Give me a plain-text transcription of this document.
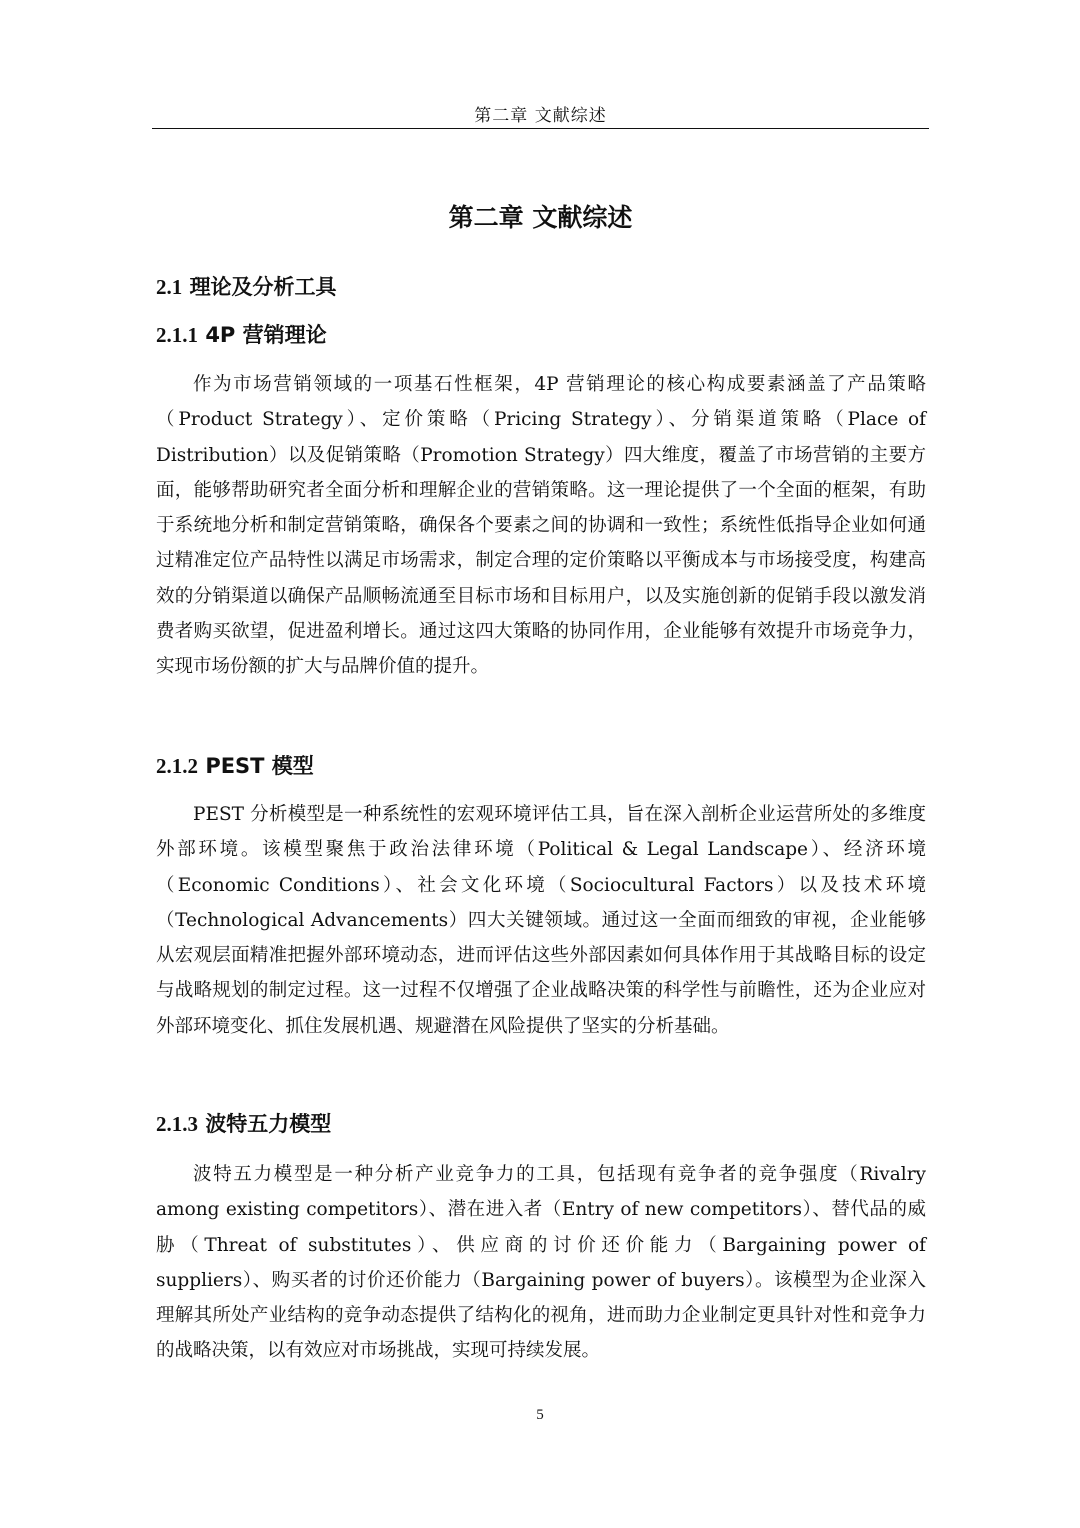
第二章 文献综述
第二章 文献综述
2.1 理论及分析工具
2.1.1 4P 营销理论

作为市场营销领域的一项基石性框架，4P 营销理论的核心构成要素涵盖了产品策略（Product Strategy）、定价策略（Pricing Strategy）、分销渠道策略（Place of Distribution）以及促销策略（Promotion Strategy）四大维度，覆盖了市场营销的主要方面，能够帮助研究者全面分析和理解企业的营销策略。这一理论提供了一个全面的框架，有助于系统地分析和制定营销策略，确保各个要素之间的协调和一致性；系统性低指导企业如何通过精准定位产品特性以满足市场需求，制定合理的定价策略以平衡成本与市场接受度，构建高效的分销渠道以确保产品顺畅流通至目标市场和目标用户，以及实施创新的促销手段以激发消费者购买欲望，促进盈利增长。通过这四大策略的协同作用，企业能够有效提升市场竞争力，实现市场份额的扩大与品牌价值的提升。

2.1.2 PEST 模型

PEST 分析模型是一种系统性的宏观环境评估工具，旨在深入剖析企业运营所处的多维度外部环境。该模型聚焦于政治法律环境（Political & Legal Landscape）、经济环境（Economic Conditions）、社会文化环境（Sociocultural Factors）以及技术环境（Technological Advancements）四大关键领域。通过这一全面而细致的审视，企业能够从宏观层面精准把握外部环境动态，进而评估这些外部因素如何具体作用于其战略目标的设定与战略规划的制定过程。这一过程不仅增强了企业战略决策的科学性与前瞻性，还为企业应对外部环境变化、抓住发展机遇、规避潜在风险提供了坚实的分析基础。

2.1.3 波特五力模型

波特五力模型是一种分析产业竞争力的工具，包括现有竞争者的竞争强度（Rivalry among existing competitors）、潜在进入者（Entry of new competitors）、替代品的威胁（Threat of substitutes）、供应商的讨价还价能力（Bargaining power of suppliers）、购买者的讨价还价能力（Bargaining power of buyers）。该模型为企业深入理解其所处产业结构的竞争动态提供了结构化的视角，进而助力企业制定更具针对性和竞争力的战略决策，以有效应对市场挑战，实现可持续发展。

5
